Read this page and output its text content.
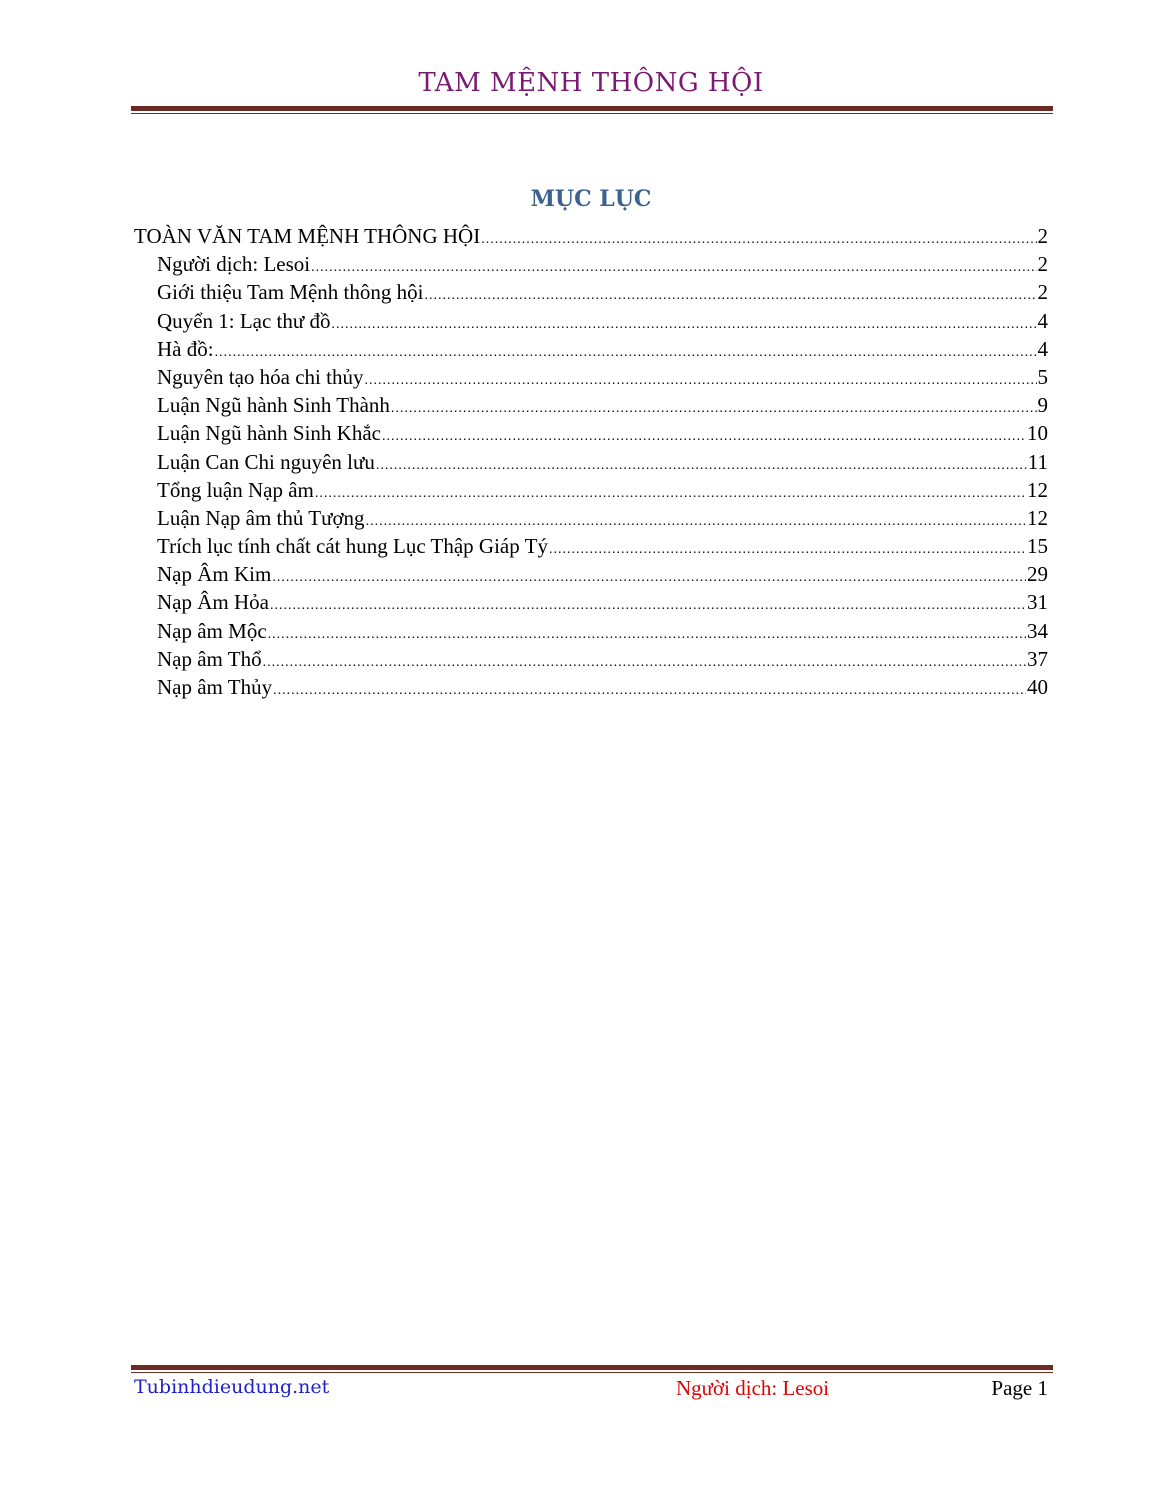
TAM MỆNH THÔNG HỘI
MỤC LỤC
TOÀN VĂN TAM MỆNH THÔNG HỘI .....	2
Người dịch: Lesoi .....	2
Giới thiệu Tam Mệnh thông hội .....	2
Quyển 1: Lạc thư đồ .....	4
Hà đồ: .....	4
Nguyên tạo hóa chi thủy .....	5
Luận Ngũ hành Sinh Thành .....	9
Luận Ngũ hành Sinh Khắc .....	10
Luận Can Chi nguyên lưu .....	11
Tổng luận Nạp âm .....	12
Luận Nạp âm thủ Tượng .....	12
Trích lục tính chất cát hung Lục Thập Giáp Tý .....	15
Nạp Âm Kim .....	29
Nạp Âm Hỏa .....	31
Nạp âm Mộc .....	34
Nạp âm Thổ .....	37
Nạp âm Thủy .....	40
Tubinhdieudung.net	Người dịch: Lesoi	Page 1
